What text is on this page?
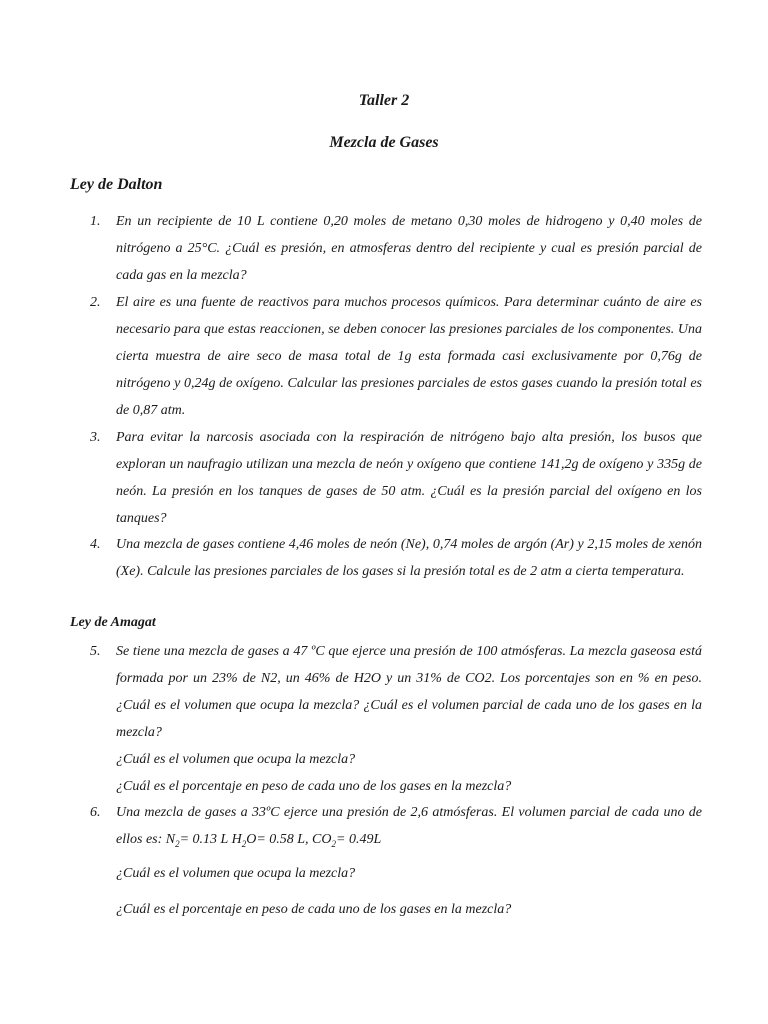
Taller 2
Mezcla de Gases
Ley de Dalton
1.	En un recipiente de 10 L contiene 0,20 moles de metano 0,30 moles de hidrogeno y 0,40 moles de nitrógeno a 25°C. ¿Cuál es presión, en atmosferas dentro del recipiente y cual es presión parcial de cada gas en la mezcla?

2.	El aire es una fuente de reactivos para muchos procesos químicos. Para determinar cuánto de aire es necesario para que estas reaccionen, se deben conocer las presiones parciales de los componentes. Una cierta muestra de aire seco de masa total de 1g esta formada casi exclusivamente por 0,76g de nitrógeno y 0,24g de oxígeno. Calcular las presiones parciales de estos gases cuando la presión total es de 0,87 atm.

3.	Para evitar la narcosis asociada con la respiración de nitrógeno bajo alta presión, los busos que exploran un naufragio utilizan una mezcla de neón y oxígeno que contiene 141,2g de oxígeno y 335g de neón. La presión en los tanques de gases de 50 atm. ¿Cuál es la presión parcial del oxígeno en los tanques?

4.	Una mezcla de gases contiene 4,46 moles de neón (Ne), 0,74 moles de argón (Ar) y 2,15 moles de xenón (Xe). Calcule las presiones parciales de los gases si la presión total es de 2 atm a cierta temperatura.

Ley de Amagat
5.	Se tiene una mezcla de gases a 47 ºC que ejerce una presión de 100 atmósferas. La mezcla gaseosa está formada por un 23% de N2, un 46% de H2O y un 31% de CO2. Los porcentajes son en % en peso. ¿Cuál es el volumen que ocupa la mezcla? ¿Cuál es el volumen parcial de cada uno de los gases en la mezcla?

¿Cuál es el volumen que ocupa la mezcla?
¿Cuál es el porcentaje en peso de cada uno de los gases en la mezcla?
6.	Una mezcla de gases a 33ºC ejerce una presión de 2,6 atmósferas. El volumen parcial de cada uno de ellos es: $N_2= 0.13$ L $H_2O= 0.58$ L, $CO_2= 0.49L$

¿Cuál es el volumen que ocupa la mezcla?
¿Cuál es el porcentaje en peso de cada uno de los gases en la mezcla?
